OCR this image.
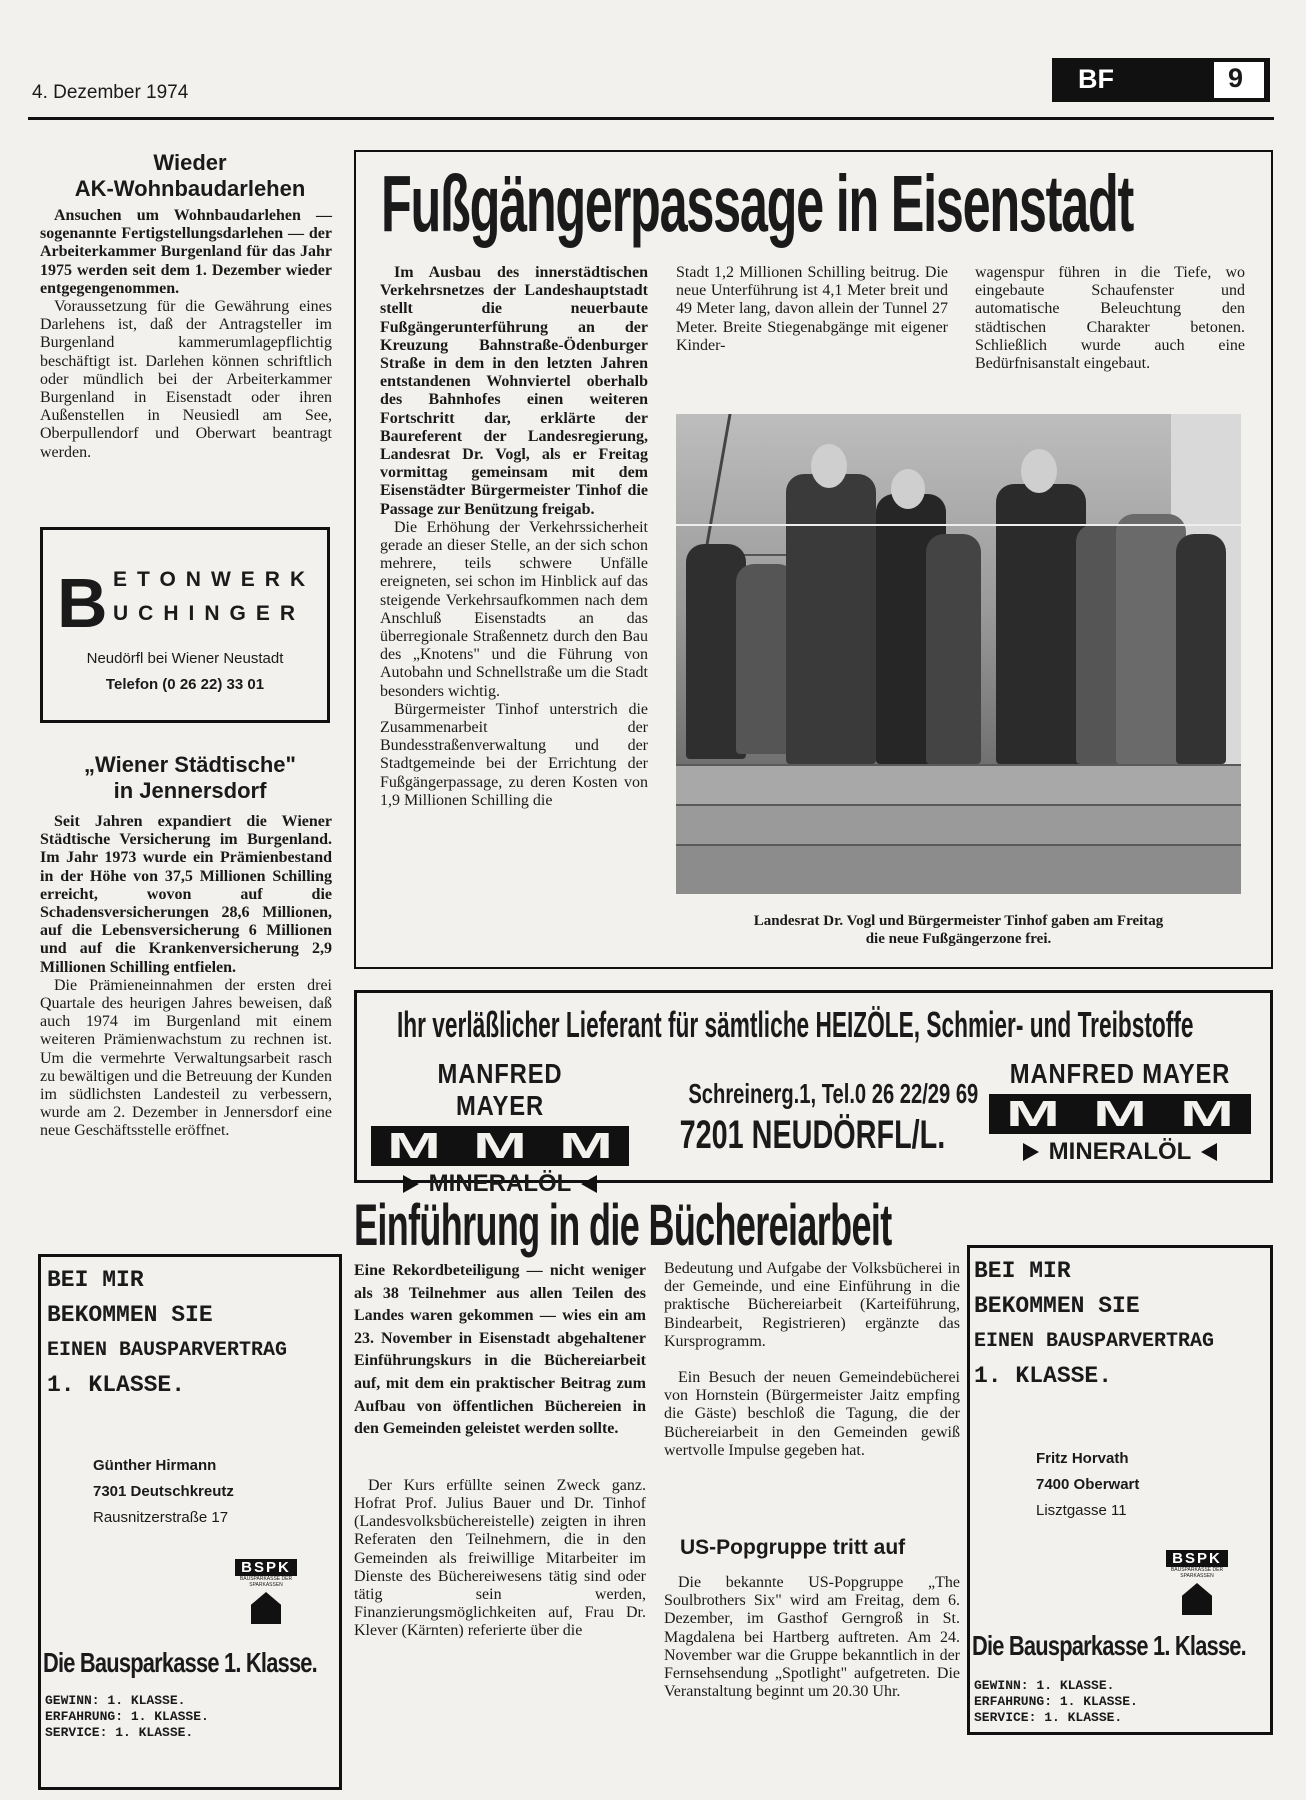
4. Dezember 1974	BF	9
Wieder
AK-Wohnbaudarlehen

Ansuchen um Wohnbaudarlehen — sogenannte Fertigstellungsdarlehen — der Arbeiterkammer Burgenland für das Jahr 1975 werden seit dem 1. Dezember wieder entgegengenommen.

Voraussetzung für die Gewährung eines Darlehens ist, daß der Antragsteller im Burgenland kammerumlagepflichtig beschäftigt ist. Darlehen können schriftlich oder mündlich bei der Arbeiterkammer Burgenland in Eisenstadt oder ihren Außenstellen in Neusiedl am See, Oberpullendorf und Oberwart beantragt werden.

B ETONWERK
UCHINGER
Neudörfl bei Wiener Neustadt
Telefon (0 26 22) 33 01
„Wiener Städtische"
in Jennersdorf

Seit Jahren expandiert die Wiener Städtische Versicherung im Burgenland. Im Jahr 1973 wurde ein Prämienbestand in der Höhe von 37,5 Millionen Schilling erreicht, wovon auf die Schadensversicherungen 28,6 Millionen, auf die Lebensversicherung 6 Millionen und auf die Krankenversicherung 2,9 Millionen Schilling entfielen.

Die Prämieneinnahmen der ersten drei Quartale des heurigen Jahres beweisen, daß auch 1974 im Burgenland mit einem weiteren Prämienwachstum zu rechnen ist. Um die vermehrte Verwaltungsarbeit rasch zu bewältigen und die Betreuung der Kunden im südlichsten Landesteil zu verbessern, wurde am 2. Dezember in Jennersdorf eine neue Geschäftsstelle eröffnet.

BEI MIR
BEKOMMEN SIE
EINEN BAUSPARVERTRAG
1. KLASSE.
Günther Hirmann
7301 Deutschkreutz
Rausnitzerstraße 17
BSPK
BAUSPARKASSE DER SPARKASSEN
Die Bausparkasse 1. Klasse.
GEWINN: 1. KLASSE.
ERFAHRUNG: 1. KLASSE.
SERVICE: 1. KLASSE.
Fußgängerpassage in Eisenstadt

Im Ausbau des innerstädtischen Verkehrsnetzes der Landeshauptstadt stellt die neuerbaute Fußgängerunterführung an der Kreuzung Bahnstraße-Ödenburger Straße in dem in den letzten Jahren entstandenen Wohnviertel oberhalb des Bahnhofes einen weiteren Fortschritt dar, erklärte der Baureferent der Landesregierung, Landesrat Dr. Vogl, als er Freitag vormittag gemeinsam mit dem Eisenstädter Bürgermeister Tinhof die Passage zur Benützung freigab.

Die Erhöhung der Verkehrssicherheit gerade an dieser Stelle, an der sich schon mehrere, teils schwere Unfälle ereigneten, sei schon im Hinblick auf das steigende Verkehrsaufkommen nach dem Anschluß Eisenstadts an das überregionale Straßennetz durch den Bau des „Knotens" und die Führung von Autobahn und Schnellstraße um die Stadt besonders wichtig.

Bürgermeister Tinhof unterstrich die Zusammenarbeit der Bundesstraßenverwaltung und der Stadtgemeinde bei der Errichtung der Fußgängerpassage, zu deren Kosten von 1,9 Millionen Schilling die

Stadt 1,2 Millionen Schilling beitrug. Die neue Unterführung ist 4,1 Meter breit und 49 Meter lang, davon allein der Tunnel 27 Meter. Breite Stiegenabgänge mit eigener Kinder-

wagenspur führen in die Tiefe, wo eingebaute Schaufenster und automatische Beleuchtung den städtischen Charakter betonen. Schließlich wurde auch eine Bedürfnisanstalt eingebaut.

Landesrat Dr. Vogl und Bürgermeister Tinhof gaben am Freitag
die neue Fußgängerzone frei.
Ihr verläßlicher Lieferant für sämtliche HEIZÖLE, Schmier- und Treibstoffe
MANFRED MAYER
M M M
MINERALÖL
Schreinerg.1, Tel.0 26 22/29 69
7201 NEUDÖRFL/L.
MANFRED MAYER
M M M
MINERALÖL
Einführung in die Büchereiarbeit

Eine Rekordbeteiligung — nicht weniger als 38 Teilnehmer aus allen Teilen des Landes waren gekommen — wies ein am 23. November in Eisenstadt abgehaltener Einführungskurs in die Büchereiarbeit auf, mit dem ein praktischer Beitrag zum Aufbau von öffentlichen Büchereien in den Gemeinden geleistet werden sollte.

Der Kurs erfüllte seinen Zweck ganz. Hofrat Prof. Julius Bauer und Dr. Tinhof (Landesvolksbüchereistelle) zeigten in ihren Referaten den Teilnehmern, die in den Gemeinden als freiwillige Mitarbeiter im Dienste des Büchereiwesens tätig sind oder tätig sein werden, Finanzierungsmöglichkeiten auf, Frau Dr. Klever (Kärnten) referierte über die

Bedeutung und Aufgabe der Volksbücherei in der Gemeinde, und eine Einführung in die praktische Büchereiarbeit (Karteiführung, Bindearbeit, Registrieren) ergänzte das Kursprogramm.

Ein Besuch der neuen Gemeindebücherei von Hornstein (Bürgermeister Jaitz empfing die Gäste) beschloß die Tagung, die der Büchereiarbeit in den Gemeinden gewiß wertvolle Impulse gegeben hat.

US-Popgruppe tritt auf

Die bekannte US-Popgruppe „The Soulbrothers Six" wird am Freitag, dem 6. Dezember, im Gasthof Gerngroß in St. Magdalena bei Hartberg auftreten. Am 24. November war die Gruppe bekanntlich in der Fernsehsendung „Spotlight" aufgetreten. Die Veranstaltung beginnt um 20.30 Uhr.

BEI MIR
BEKOMMEN SIE
EINEN BAUSPARVERTRAG
1. KLASSE.
Fritz Horvath
7400 Oberwart
Lisztgasse 11
BSPK
BAUSPARKASSE DER SPARKASSEN
Die Bausparkasse 1. Klasse.
GEWINN: 1. KLASSE.
ERFAHRUNG: 1. KLASSE.
SERVICE: 1. KLASSE.
